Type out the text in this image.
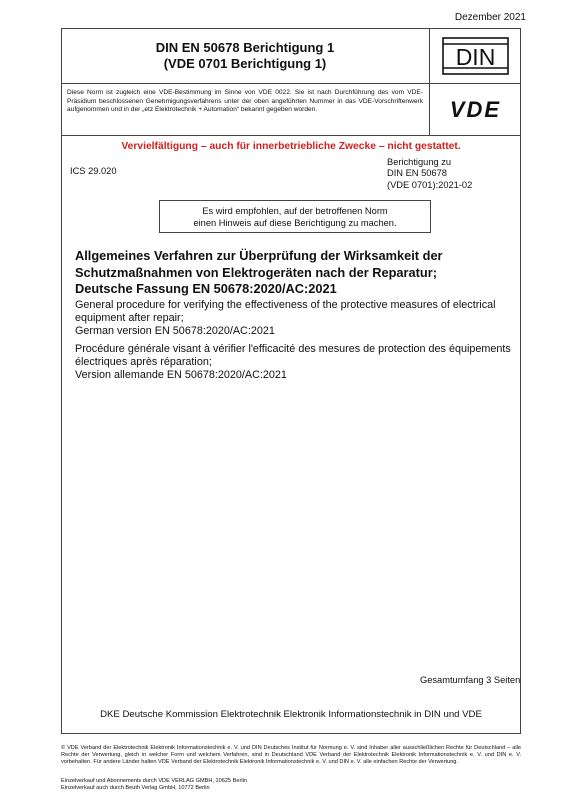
Dezember 2021
DIN EN 50678 Berichtigung 1
(VDE 0701 Berichtigung 1)	DIN
Diese Norm ist zugleich eine VDE-Bestimmung im Sinne von VDE 0022. Sie ist nach Durchführung des vom VDE-Präsidium beschlossenen Genehmigungsverfahrens unter der oben angeführten Nummer in das VDE-Vorschriftenwerk aufgenommen und in der „etz Elektrotechnik + Automation“ bekannt gegeben worden.	VDE
Vervielfältigung – auch für innerbetriebliche Zwecke – nicht gestattet.
ICS 29.020
Berichtigung zu
DIN EN 50678
(VDE 0701):2021-02
Es wird empfohlen, auf der betroffenen Norm
einen Hinweis auf diese Berichtigung zu machen.
Allgemeines Verfahren zur Überprüfung der Wirksamkeit der
Schutzmaßnahmen von Elektrogeräten nach der Reparatur;
Deutsche Fassung EN 50678:2020/AC:2021
General procedure for verifying the effectiveness of the protective measures of electrical
equipment after repair;
German version EN 50678:2020/AC:2021
Procédure générale visant à vérifier l'efficacité des mesures de protection des équipements
électriques après réparation;
Version allemande EN 50678:2020/AC:2021
Gesamtumfang 3 Seiten
DKE Deutsche Kommission Elektrotechnik Elektronik Informationstechnik in DIN und VDE
© VDE Verband der Elektrotechnik Elektronik Informationstechnik e. V. und DIN Deutsches Institut für Normung e. V. sind Inhaber aller ausschließlichen Rechte für Deutschland – alle Rechte der Verwertung, gleich in welcher Form und welchem Verfahren, sind in Deutschland VDE Verband der Elektrotechnik Elektronik Informationstechnik e. V. und DIN e. V. vorbehalten. Für andere Länder halten VDE Verband der Elektrotechnik Elektronik Informationstechnik e. V. und DIN e. V. alle einfachen Rechte der Verwertung.
Einzelverkauf und Abonnements durch VDE VERLAG GMBH, 10625 Berlin
Einzelverkauf auch durch Beuth Verlag GmbH, 10772 Berlin
